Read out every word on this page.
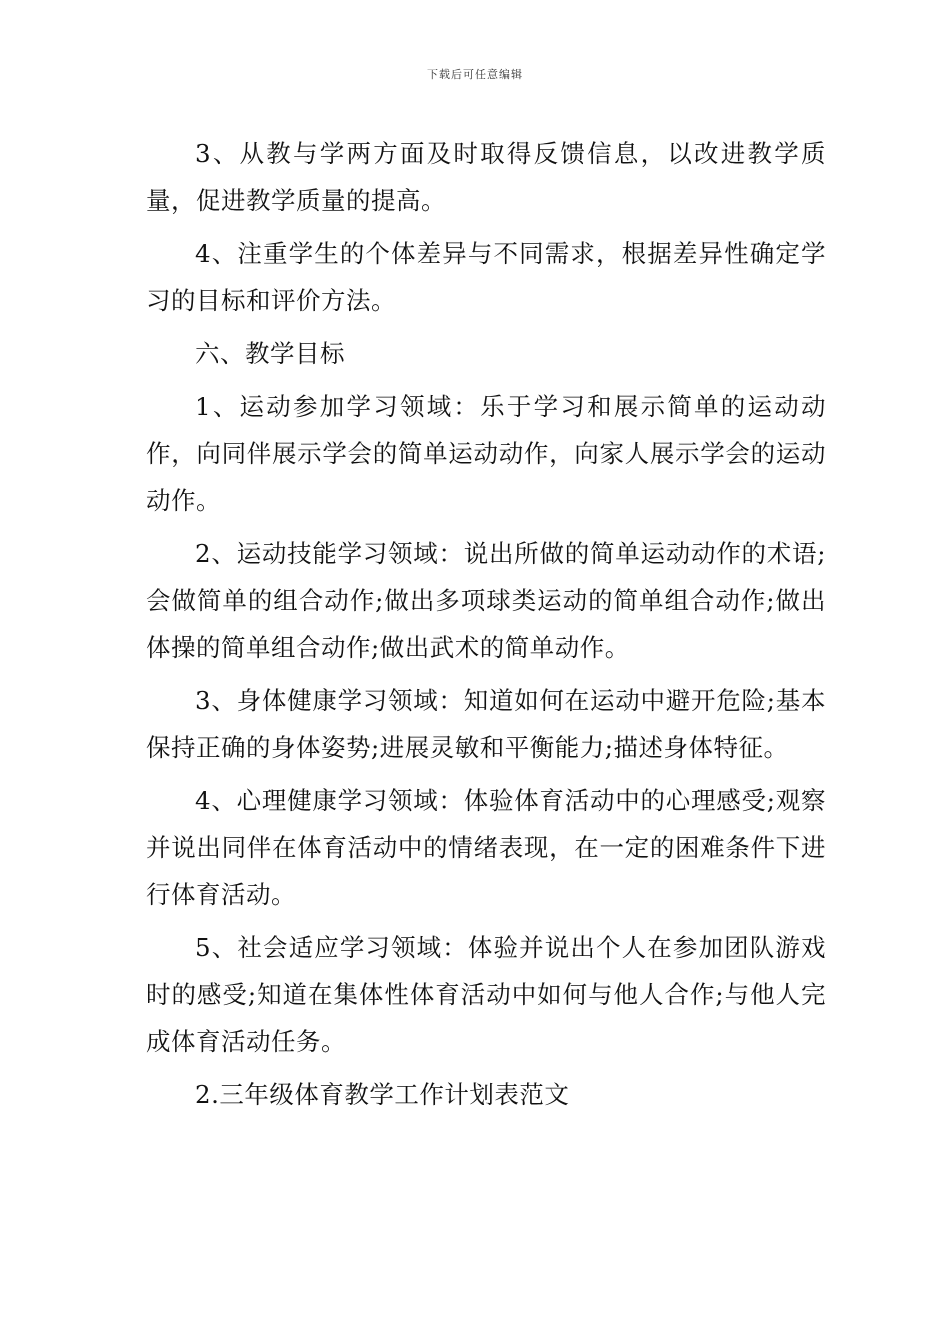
下载后可任意编辑

3、从教与学两方面及时取得反馈信息，以改进教学质量，促进教学质量的提高。

4、注重学生的个体差异与不同需求，根据差异性确定学习的目标和评价方法。

六、教学目标

1、运动参加学习领域：乐于学习和展示简单的运动动作，向同伴展示学会的简单运动动作，向家人展示学会的运动动作。

2、运动技能学习领域：说出所做的简单运动动作的术语;会做简单的组合动作;做出多项球类运动的简单组合动作;做出体操的简单组合动作;做出武术的简单动作。

3、身体健康学习领域：知道如何在运动中避开危险;基本保持正确的身体姿势;进展灵敏和平衡能力;描述身体特征。

4、心理健康学习领域：体验体育活动中的心理感受;观察并说出同伴在体育活动中的情绪表现，在一定的困难条件下进行体育活动。

5、社会适应学习领域：体验并说出个人在参加团队游戏时的感受;知道在集体性体育活动中如何与他人合作;与他人完成体育活动任务。

2.三年级体育教学工作计划表范文
